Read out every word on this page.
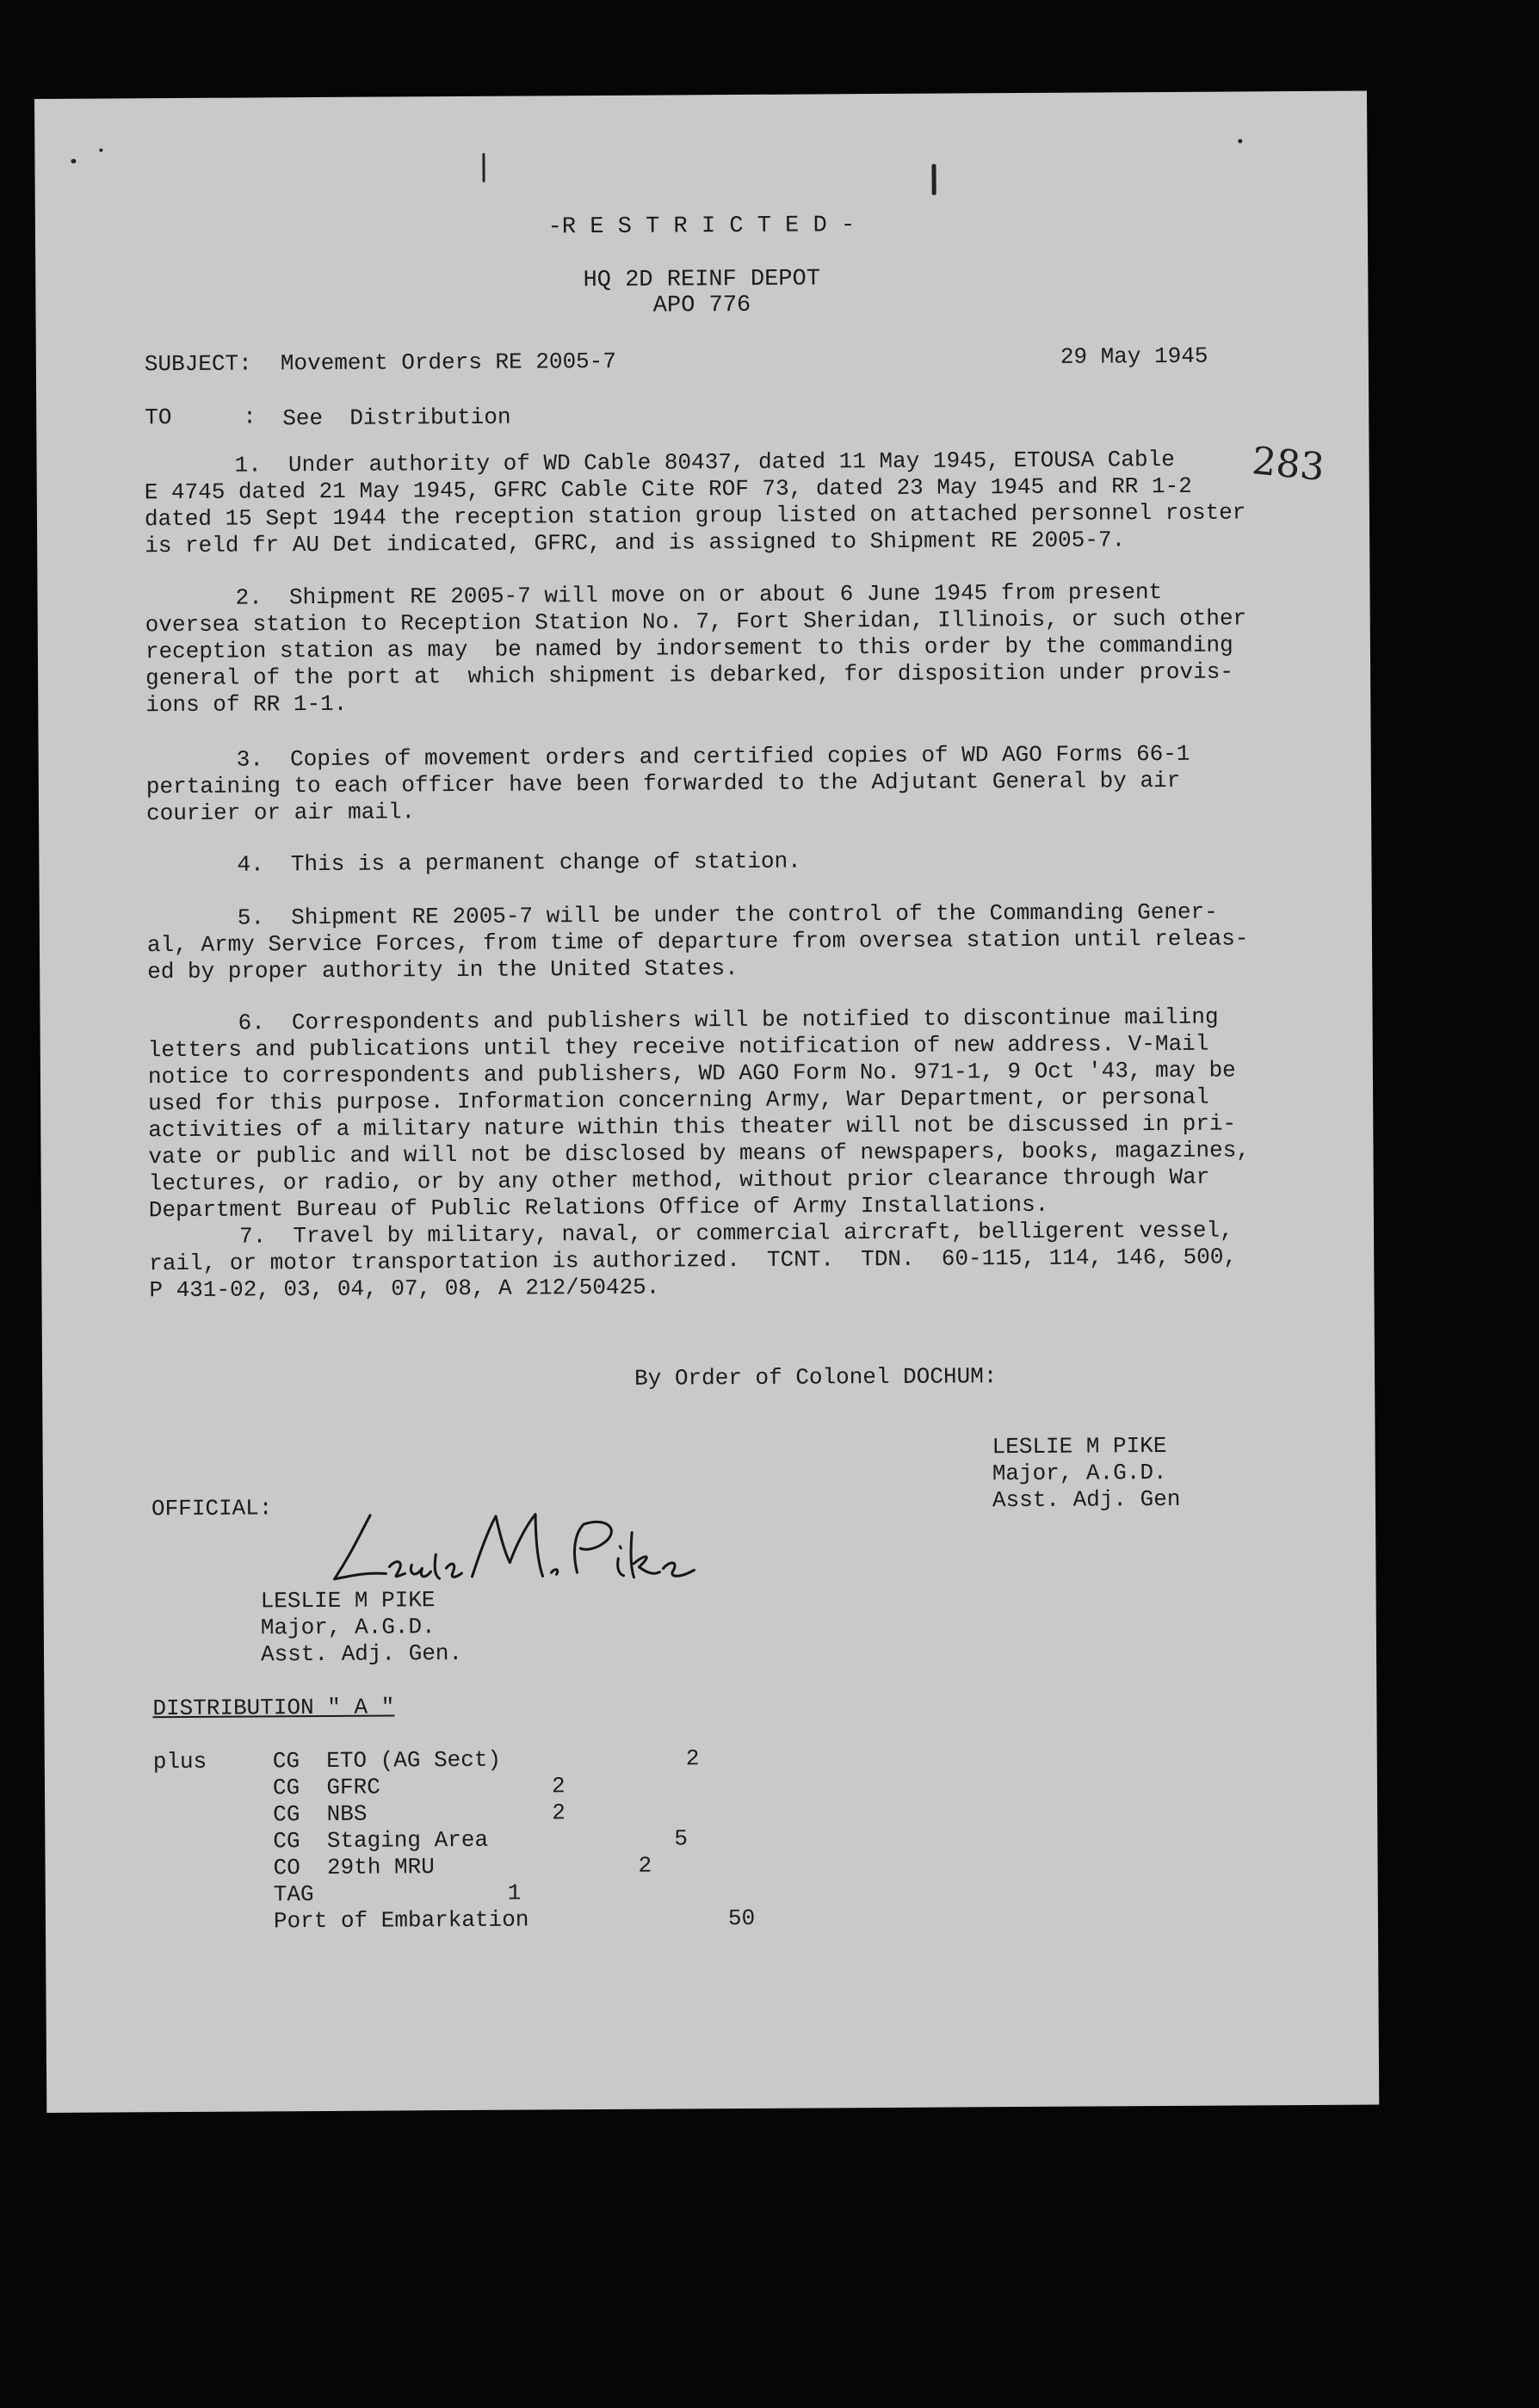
-R E S T R I C T E D -
HQ 2D REINF DEPOT
APO 776
SUBJECT: Movement Orders RE 2005-7	29 May 1945
TO	: See  Distribution
283
1.  Under authority of WD Cable 80437, dated 11 May 1945, ETOUSA Cable
E 4745 dated 21 May 1945, GFRC Cable Cite ROF 73, dated 23 May 1945 and RR 1-2
dated 15 Sept 1944 the reception station group listed on attached personnel roster
is reld fr AU Det indicated, GFRC, and is assigned to Shipment RE 2005-7.
2.  Shipment RE 2005-7 will move on or about 6 June 1945 from present
oversea station to Reception Station No. 7, Fort Sheridan, Illinois, or such other
reception station as may  be named by indorsement to this order by the commanding
general of the port at  which shipment is debarked, for disposition under provis-
ions of RR 1-1.
3.  Copies of movement orders and certified copies of WD AGO Forms 66-1
pertaining to each officer have been forwarded to the Adjutant General by air
courier or air mail.
4.  This is a permanent change of station.
5.  Shipment RE 2005-7 will be under the control of the Commanding Gener-
al, Army Service Forces, from time of departure from oversea station until releas-
ed by proper authority in the United States.
6.  Correspondents and publishers will be notified to discontinue mailing
letters and publications until they receive notification of new address. V-Mail
notice to correspondents and publishers, WD AGO Form No. 971-1, 9 Oct '43, may be
used for this purpose. Information concerning Army, War Department, or personal
activities of a military nature within this theater will not be discussed in pri-
vate or public and will not be disclosed by means of newspapers, books, magazines,
lectures, or radio, or by any other method, without prior clearance through War
Department Bureau of Public Relations Office of Army Installations.
7.  Travel by military, naval, or commercial aircraft, belligerent vessel,
rail, or motor transportation is authorized.  TCNT.  TDN.  60-115, 114, 146, 500,
P 431-02, 03, 04, 07, 08, A 212/50425.
By Order of Colonel DOCHUM:
LESLIE M PIKE
Major, A.G.D.
Asst. Adj. Gen
OFFICIAL:

LESLIE M PIKE
Major, A.G.D.
Asst. Adj. Gen.
DISTRIBUTION " A "
plus	CG  ETO (AG Sect)	2
CG  GFRC	2
CG  NBS	2
CG  Staging Area	5
CO  29th MRU	2
TAG	1
Port of Embarkation	50
